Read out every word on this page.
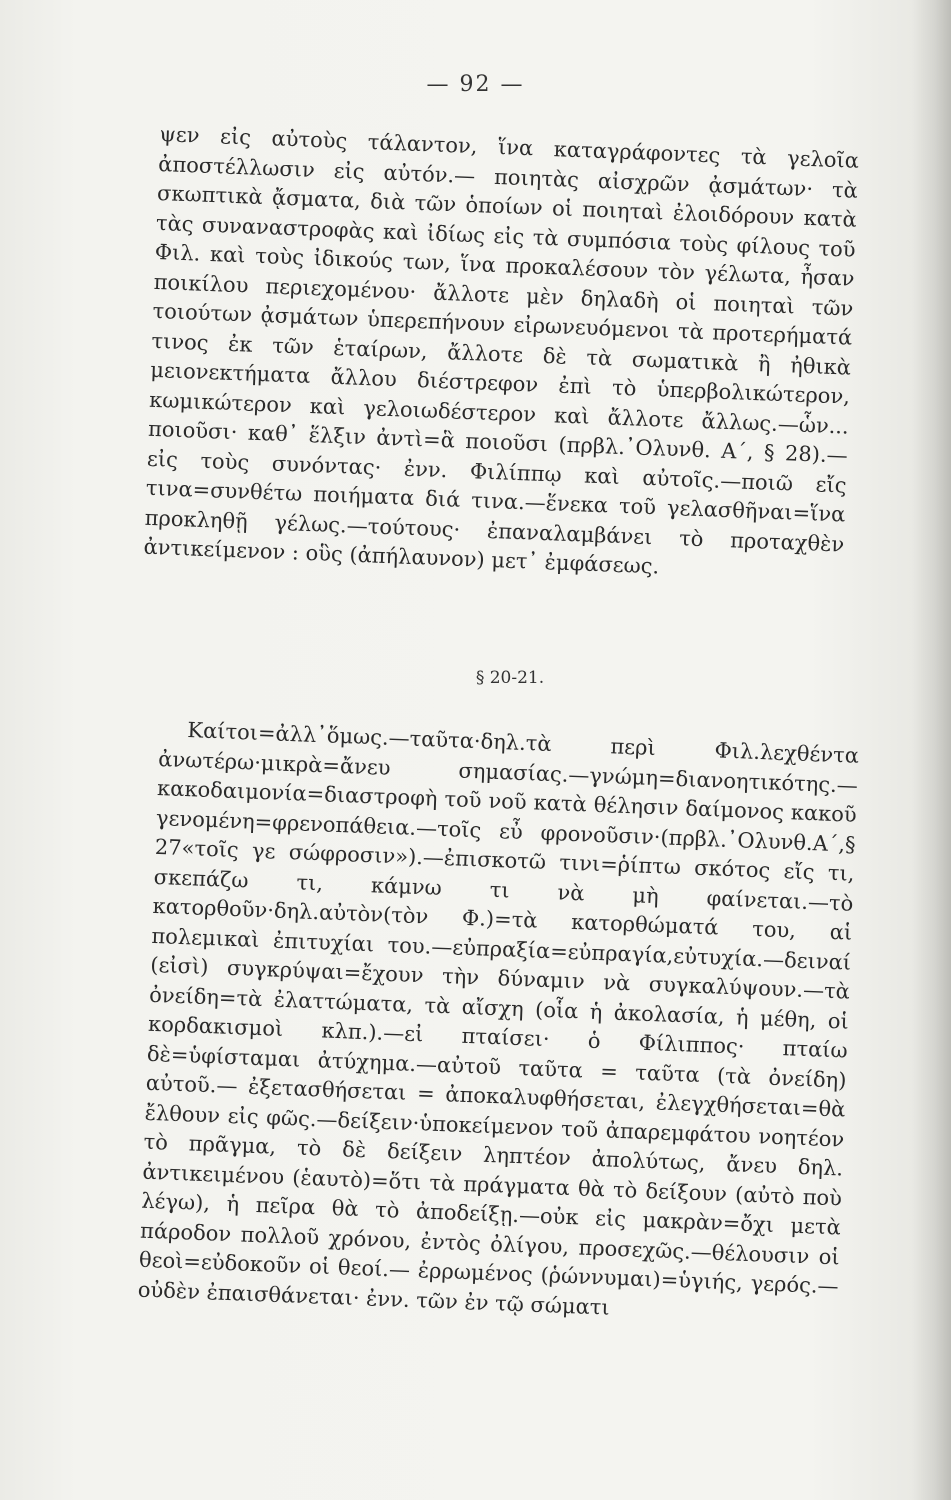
— 92 —

ψεν εἰς αὐτοὺς τάλαντον, ἵνα καταγράφοντες τὰ γελοῖα ἀποστέλλωσιν εἰς αὐτόν.— ποιητὰς αἰσχρῶν ᾀσμάτων· τὰ σκωπτικὰ ᾄσματα, διὰ τῶν ὁποίων οἱ ποιηταὶ ἐλοιδόρουν κατὰ τὰς συναναστροφὰς καὶ ἰδίως εἰς τὰ συμπόσια τοὺς φίλους τοῦ Φιλ. καὶ τοὺς ἰδικούς των, ἵνα προκαλέσουν τὸν γέλωτα, ἦσαν ποικίλου περιεχομένου· ἄλλοτε μὲν δηλαδὴ οἱ ποιηταὶ τῶν τοιούτων ᾀσμάτων ὑπερεπήνουν εἰρωνευόμενοι τὰ προτερήματά τινος ἐκ τῶν ἑταίρων, ἄλλοτε δὲ τὰ σωματικὰ ἢ ἠθικὰ μειονεκτήματα ἄλλου διέστρεφον ἐπὶ τὸ ὑπερβολικώτερον, κωμικώτερον καὶ γελοιωδέστερον καὶ ἄλλοτε ἄλλως.—ὧν... ποιοῦσι· καθ᾽ ἕλξιν ἀντὶ=ἃ ποιοῦσι (πρβλ.᾽Ολυνθ. Α΄, § 28).—εἰς τοὺς συνόντας· ἐνν. Φιλίππῳ καὶ αὐτοῖς.—ποιῶ εἴς τινα=συνθέτω ποιήματα διά τινα.—ἕνεκα τοῦ γελασθῆναι=ἵνα προκληθῇ γέλως.—τούτους· ἐπαναλαμβάνει τὸ προταχθὲν ἀντικείμενον : οὓς (ἀπήλαυνον) μετ᾽ ἐμφάσεως.

§ 20-21.

Καίτοι=ἀλλ᾽ὅμως.—ταῦτα·δηλ.τὰ περὶ Φιλ.λεχθέντα ἀνωτέρω·μικρὰ=ἄνευ σημασίας.—γνώμη=διανοητικότης.—κακοδαιμονία=διαστροφὴ τοῦ νοῦ κατὰ θέλησιν δαίμονος κακοῦ γενομένη=φρενοπάθεια.—τοῖς εὖ φρονοῦσιν·(πρβλ.᾽Ολυνθ.Α΄,§ 27«τοῖς γε σώφροσιν»).—ἐπισκοτῶ τινι=ῥίπτω σκότος εἴς τι, σκεπάζω τι, κάμνω τι νὰ μὴ φαίνεται.—τὸ κατορθοῦν·δηλ.αὐτὸν(τὸν Φ.)=τὰ κατορθώματά του, αἱ πολεμικαὶ ἐπιτυχίαι του.—εὐπραξία=εὐπραγία,εὐτυχία.—δειναί (εἰσὶ) συγκρύψαι=ἔχουν τὴν δύναμιν νὰ συγκαλύψουν.—τὰ ὀνείδη=τὰ ἐλαττώματα, τὰ αἴσχη (οἷα ἡ ἀκολασία, ἡ μέθη, οἱ κορδακισμοὶ κλπ.).—εἰ πταίσει· ὁ Φίλιππος· πταίω δὲ=ὑφίσταμαι ἀτύχημα.—αὐτοῦ ταῦτα = ταῦτα (τὰ ὀνείδη) αὐτοῦ.— ἐξετασθήσεται = ἀποκαλυφθήσεται, ἐλεγχθήσεται=θὰ ἔλθουν εἰς φῶς.—δείξειν·ὑποκείμενον τοῦ ἀπαρεμφάτου νοητέον τὸ πρᾶγμα, τὸ δὲ δείξειν ληπτέον ἀπολύτως, ἄνευ δηλ. ἀντικειμένου (ἑαυτὸ)=ὅτι τὰ πράγματα θὰ τὸ δείξουν (αὐτὸ ποὺ λέγω), ἡ πεῖρα θὰ τὸ ἀποδείξῃ.—οὐκ εἰς μακρὰν=ὄχι μετὰ πάροδον πολλοῦ χρόνου, ἐντὸς ὀλίγου, προσεχῶς.—θέλουσιν οἱ θεοὶ=εὐδοκοῦν οἱ θεοί.— ἐρρωμένος (ῥώννυμαι)=ὑγιής, γερός.—οὐδὲν ἐπαισθάνεται· ἐνν. τῶν ἐν τῷ σώματι
